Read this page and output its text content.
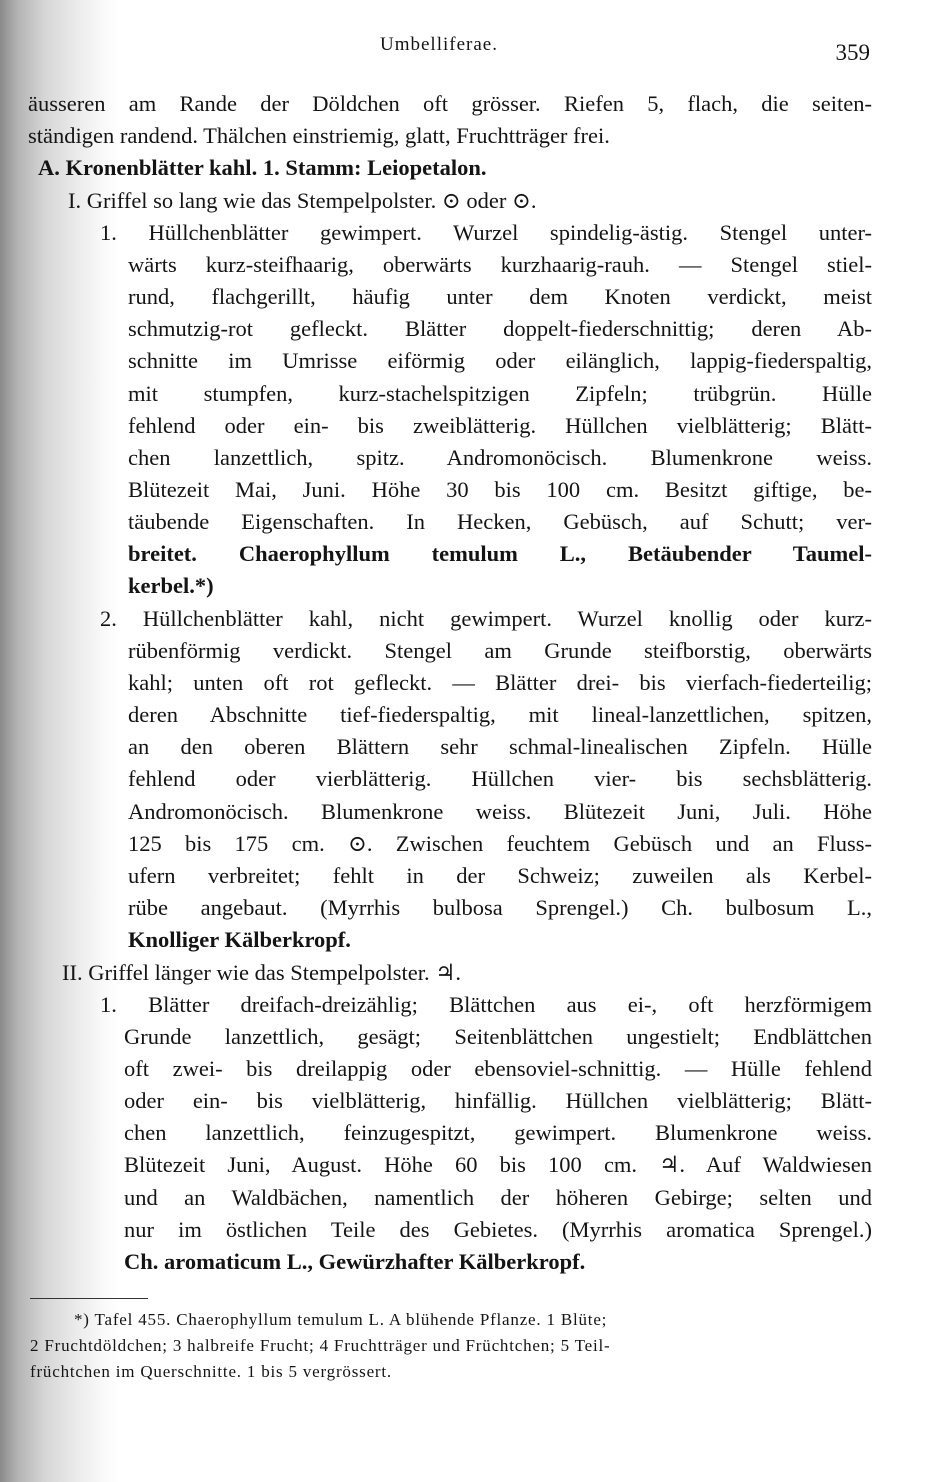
Umbelliferae.	359
äusseren am Rande der Döldchen oft grösser. Riefen 5, flach, die seiten-
ständigen randend. Thälchen einstriemig, glatt, Fruchtträger frei.
A. Kronenblätter kahl. 1. Stamm: Leiopetalon.
I. Griffel so lang wie das Stempelpolster. ⊙ oder ⊙.
1. Hüllchenblätter gewimpert. Wurzel spindelig-ästig. Stengel unter-
wärts kurz-steifhaarig, oberwärts kurzhaarig-rauh. — Stengel stiel-
rund, flachgerillt, häufig unter dem Knoten verdickt, meist
schmutzig-rot gefleckt. Blätter doppelt-fiederschnittig; deren Ab-
schnitte im Umrisse eiförmig oder eilänglich, lappig-fiederspaltig,
mit stumpfen, kurz-stachelspitzigen Zipfeln; trübgrün. Hülle
fehlend oder ein- bis zweiblätterig. Hüllchen vielblätterig; Blätt-
chen lanzettlich, spitz. Andromonöcisch. Blumenkrone weiss.
Blütezeit Mai, Juni. Höhe 30 bis 100 cm. Besitzt giftige, be-
täubende Eigenschaften. In Hecken, Gebüsch, auf Schutt; ver-
breitet. Chaerophyllum temulum L., Betäubender Taumel-
kerbel.*)
2. Hüllchenblätter kahl, nicht gewimpert. Wurzel knollig oder kurz-
rübenförmig verdickt. Stengel am Grunde steifborstig, oberwärts
kahl; unten oft rot gefleckt. — Blätter drei- bis vierfach-fiederteilig;
deren Abschnitte tief-fiederspaltig, mit lineal-lanzettlichen, spitzen,
an den oberen Blättern sehr schmal-linealischen Zipfeln. Hülle
fehlend oder vierblätterig. Hüllchen vier- bis sechsblätterig.
Andromonöcisch. Blumenkrone weiss. Blütezeit Juni, Juli. Höhe
125 bis 175 cm. ⊙. Zwischen feuchtem Gebüsch und an Fluss-
ufern verbreitet; fehlt in der Schweiz; zuweilen als Kerbel-
rübe angebaut. (Myrrhis bulbosa Sprengel.) Ch. bulbosum L.,
Knolliger Kälberkropf.
II. Griffel länger wie das Stempelpolster. ♃.
1. Blätter dreifach-dreizählig; Blättchen aus ei-, oft herzförmigem
Grunde lanzettlich, gesägt; Seitenblättchen ungestielt; Endblättchen
oft zwei- bis dreilappig oder ebensoviel-schnittig. — Hülle fehlend
oder ein- bis vielblätterig, hinfällig. Hüllchen vielblätterig; Blätt-
chen lanzettlich, feinzugespitzt, gewimpert. Blumenkrone weiss.
Blütezeit Juni, August. Höhe 60 bis 100 cm. ♃. Auf Waldwiesen
und an Waldbächen, namentlich der höheren Gebirge; selten und
nur im östlichen Teile des Gebietes. (Myrrhis aromatica Sprengel.)
Ch. aromaticum L., Gewürzhafter Kälberkropf.
*) Tafel 455. Chaerophyllum temulum L. A blühende Pflanze. 1 Blüte;
2 Fruchtdöldchen; 3 halbreife Frucht; 4 Fruchtträger und Früchtchen; 5 Teil-
früchtchen im Querschnitte. 1 bis 5 vergrössert.
